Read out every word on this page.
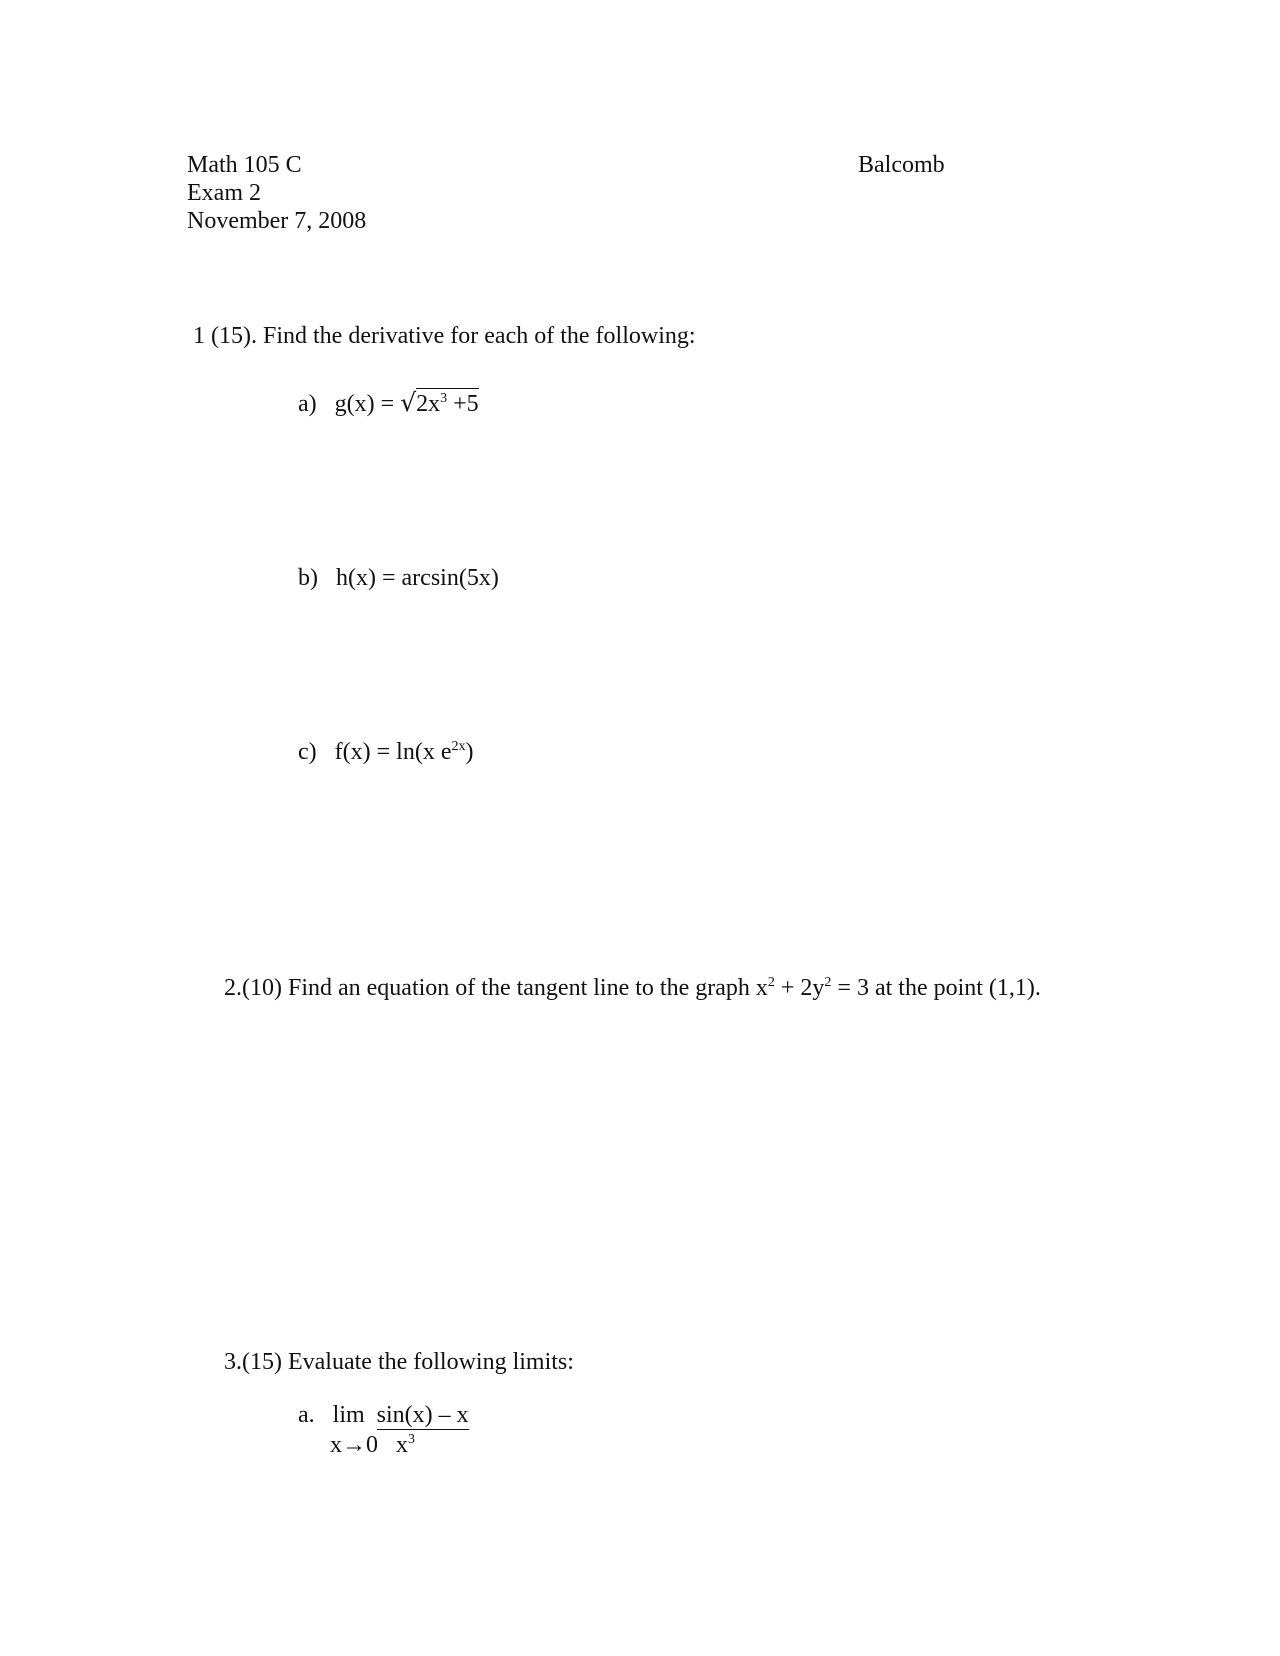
Math 105 C
Exam 2
November 7, 2008
Balcomb
1 (15). Find the derivative for each of the following:
a) $g(x) = √2x^3 +5$
b) h(x) = arcsin(5x)
c) f(x) = ln(x $e^{2x}$)
2.(10) Find an equation of the tangent line to the graph $x^2 + 2y^2 = 3$ at the point (1,1).
3.(15) Evaluate the following limits:
a. lim sin(x) – x
x→0 $x^3$
